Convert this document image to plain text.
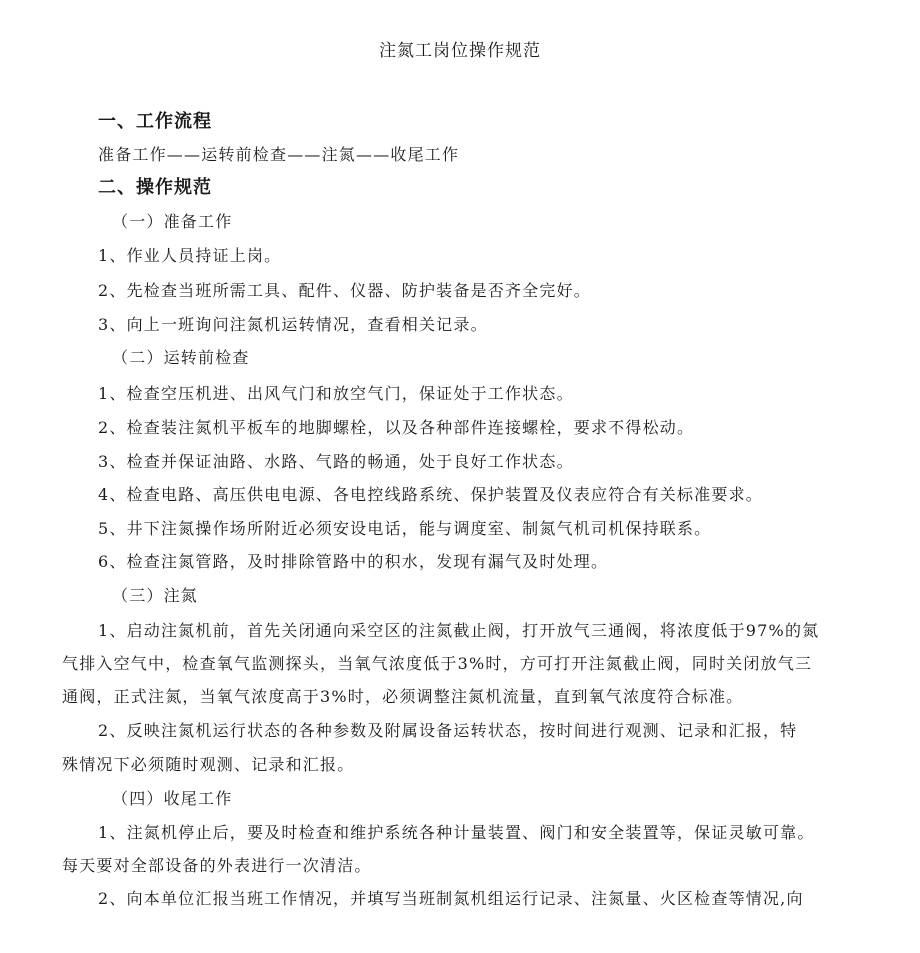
注氮工岗位操作规范
一、工作流程
准备工作——运转前检查——注氮——收尾工作
二、操作规范
（一）准备工作
1、作业人员持证上岗。
2、先检查当班所需工具、配件、仪器、防护装备是否齐全完好。
3、向上一班询问注氮机运转情况，查看相关记录。
（二）运转前检查
1、检查空压机进、出风气门和放空气门，保证处于工作状态。
2、检查装注氮机平板车的地脚螺栓，以及各种部件连接螺栓，要求不得松动。
3、检查并保证油路、水路、气路的畅通，处于良好工作状态。
4、检查电路、高压供电电源、各电控线路系统、保护装置及仪表应符合有关标准要求。
5、井下注氮操作场所附近必须安设电话，能与调度室、制氮气机司机保持联系。
6、检查注氮管路，及时排除管路中的积水，发现有漏气及时处理。
（三）注氮
1、启动注氮机前，首先关闭通向采空区的注氮截止阀，打开放气三通阀，将浓度低于97%的氮
气排入空气中，检查氧气监测探头，当氧气浓度低于3%时，方可打开注氮截止阀，同时关闭放气三
通阀，正式注氮，当氧气浓度高于3%时，必须调整注氮机流量，直到氧气浓度符合标准。
2、反映注氮机运行状态的各种参数及附属设备运转状态，按时间进行观测、记录和汇报，特
殊情况下必须随时观测、记录和汇报。
（四）收尾工作
1、注氮机停止后，要及时检查和维护系统各种计量装置、阀门和安全装置等，保证灵敏可靠。
每天要对全部设备的外表进行一次清洁。
2、向本单位汇报当班工作情况，并填写当班制氮机组运行记录、注氮量、火区检查等情况,向
